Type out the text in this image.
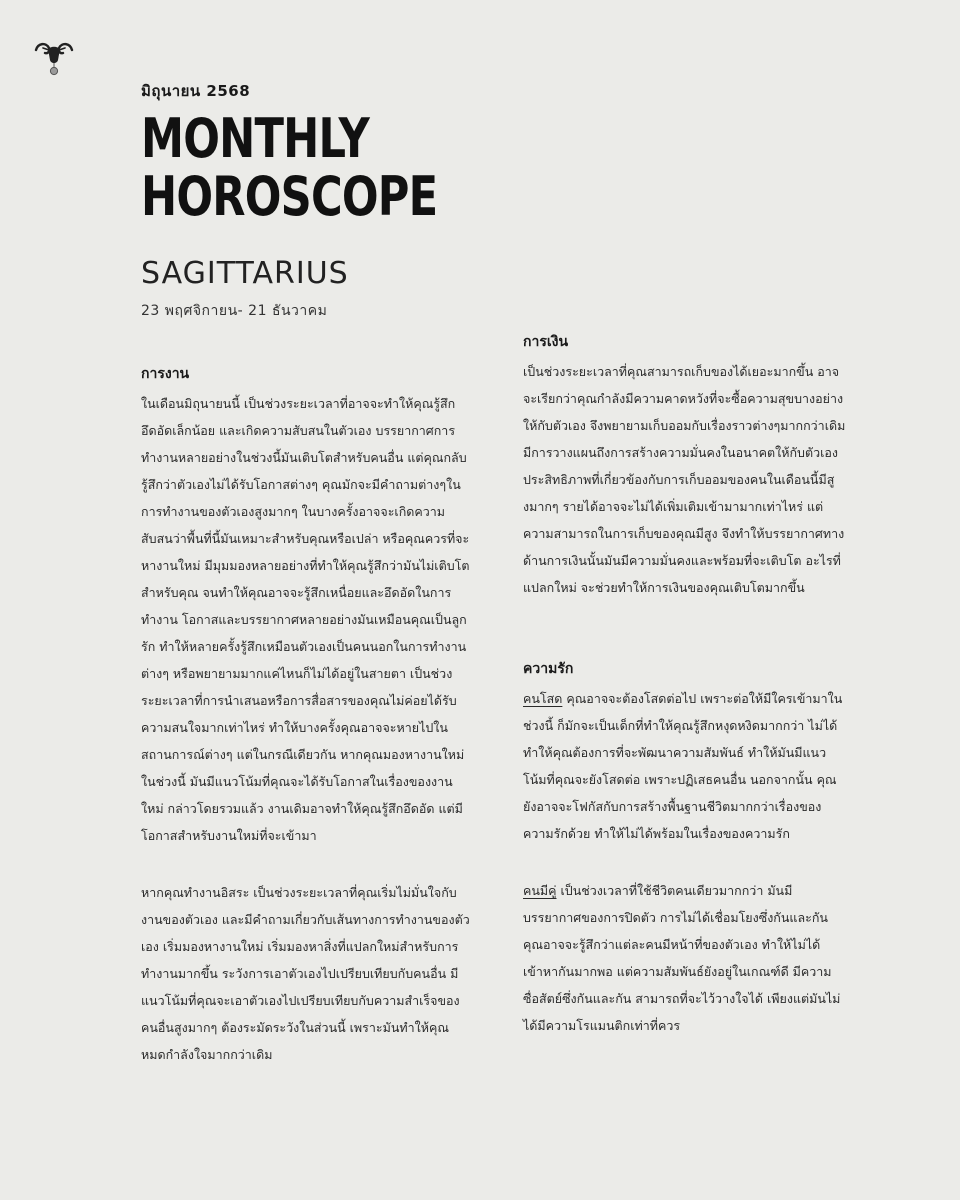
มิถุนายน 2568

MONTHLY
HOROSCOPE
SAGITTARIUS

23 พฤศจิกายน- 21 ธันวาคม

การงาน

ในเดือนมิถุนายนนี้ เป็นช่วงระยะเวลาที่อาจจะทำให้คุณรู้สึกอึดอัดเล็กน้อย และเกิดความสับสนในตัวเอง บรรยากาศการทำงานหลายอย่างในช่วงนี้มันเติบโตสำหรับคนอื่น แต่คุณกลับรู้สึกว่าตัวเองไม่ได้รับโอกาสต่างๆ คุณมักจะมีคำถามต่างๆในการทำงานของตัวเองสูงมากๆ ในบางครั้งอาจจะเกิดความสับสนว่าพื้นที่นี้มันเหมาะสำหรับคุณหรือเปล่า หรือคุณควรที่จะหางานใหม่ มีมุมมองหลายอย่างที่ทำให้คุณรู้สึกว่ามันไม่เติบโตสำหรับคุณ จนทำให้คุณอาจจะรู้สึกเหนื่อยและอึดอัดในการทำงาน โอกาสและบรรยากาศหลายอย่างมันเหมือนคุณเป็นลูกรัก ทำให้หลายครั้งรู้สึกเหมือนตัวเองเป็นคนนอกในการทำงานต่างๆ หรือพยายามมากแค่ไหนก็ไม่ได้อยู่ในสายตา เป็นช่วงระยะเวลาที่การนำเสนอหรือการสื่อสารของคุณไม่ค่อยได้รับความสนใจมากเท่าไหร่ ทำให้บางครั้งคุณอาจจะหายไปในสถานการณ์ต่างๆ แต่ในกรณีเดียวกัน หากคุณมองหางานใหม่ในช่วงนี้ มันมีแนวโน้มที่คุณจะได้รับโอกาสในเรื่องของงานใหม่ กล่าวโดยรวมแล้ว งานเดิมอาจทำให้คุณรู้สึกอึดอัด แต่มีโอกาสสำหรับงานใหม่ที่จะเข้ามา

หากคุณทำงานอิสระ เป็นช่วงระยะเวลาที่คุณเริ่มไม่มั่นใจกับงานของตัวเอง และมีคำถามเกี่ยวกับเส้นทางการทำงานของตัวเอง เริ่มมองหางานใหม่ เริ่มมองหาสิ่งที่แปลกใหม่สำหรับการทำงานมากขึ้น ระวังการเอาตัวเองไปเปรียบเทียบกับคนอื่น มีแนวโน้มที่คุณจะเอาตัวเองไปเปรียบเทียบกับความสำเร็จของคนอื่นสูงมากๆ ต้องระมัดระวังในส่วนนี้ เพราะมันทำให้คุณหมดกำลังใจมากกว่าเดิม

การเงิน

เป็นช่วงระยะเวลาที่คุณสามารถเก็บของได้เยอะมากขึ้น อาจจะเรียกว่าคุณกำลังมีความคาดหวังที่จะซื้อความสุขบางอย่างให้กับตัวเอง จึงพยายามเก็บออมกับเรื่องราวต่างๆมากกว่าเดิม มีการวางแผนถึงการสร้างความมั่นคงในอนาคตให้กับตัวเอง ประสิทธิภาพที่เกี่ยวข้องกับการเก็บออมของคนในเดือนนี้มีสูงมากๆ รายได้อาจจะไม่ได้เพิ่มเติมเข้ามามากเท่าไหร่ แต่ความสามารถในการเก็บของคุณมีสูง จึงทำให้บรรยากาศทางด้านการเงินนั้นมันมีความมั่นคงและพร้อมที่จะเติบโต อะไรที่แปลกใหม่ จะช่วยทำให้การเงินของคุณเติบโตมากขึ้น

ความรัก

คนโสด คุณอาจจะต้องโสดต่อไป เพราะต่อให้มีใครเข้ามาในช่วงนี้ ก็มักจะเป็นเด็กที่ทำให้คุณรู้สึกหงุดหงิดมากกว่า ไม่ได้ทำให้คุณต้องการที่จะพัฒนาความสัมพันธ์ ทำให้มันมีแนวโน้มที่คุณจะยังโสดต่อ เพราะปฏิเสธคนอื่น นอกจากนั้น คุณยังอาจจะโฟกัสกับการสร้างพื้นฐานชีวิตมากกว่าเรื่องของความรักด้วย ทำให้ไม่ได้พร้อมในเรื่องของความรัก

คนมีคู่ เป็นช่วงเวลาที่ใช้ชีวิตคนเดียวมากกว่า มันมีบรรยากาศของการปิดตัว การไม่ได้เชื่อมโยงซึ่งกันและกัน คุณอาจจะรู้สึกว่าแต่ละคนมีหน้าที่ของตัวเอง ทำให้ไม่ได้เข้าหากันมากพอ แต่ความสัมพันธ์ยังอยู่ในเกณฑ์ดี มีความซื่อสัตย์ซึ่งกันและกัน สามารถที่จะไว้วางใจได้ เพียงแต่มันไม่ได้มีความโรแมนติกเท่าที่ควร
